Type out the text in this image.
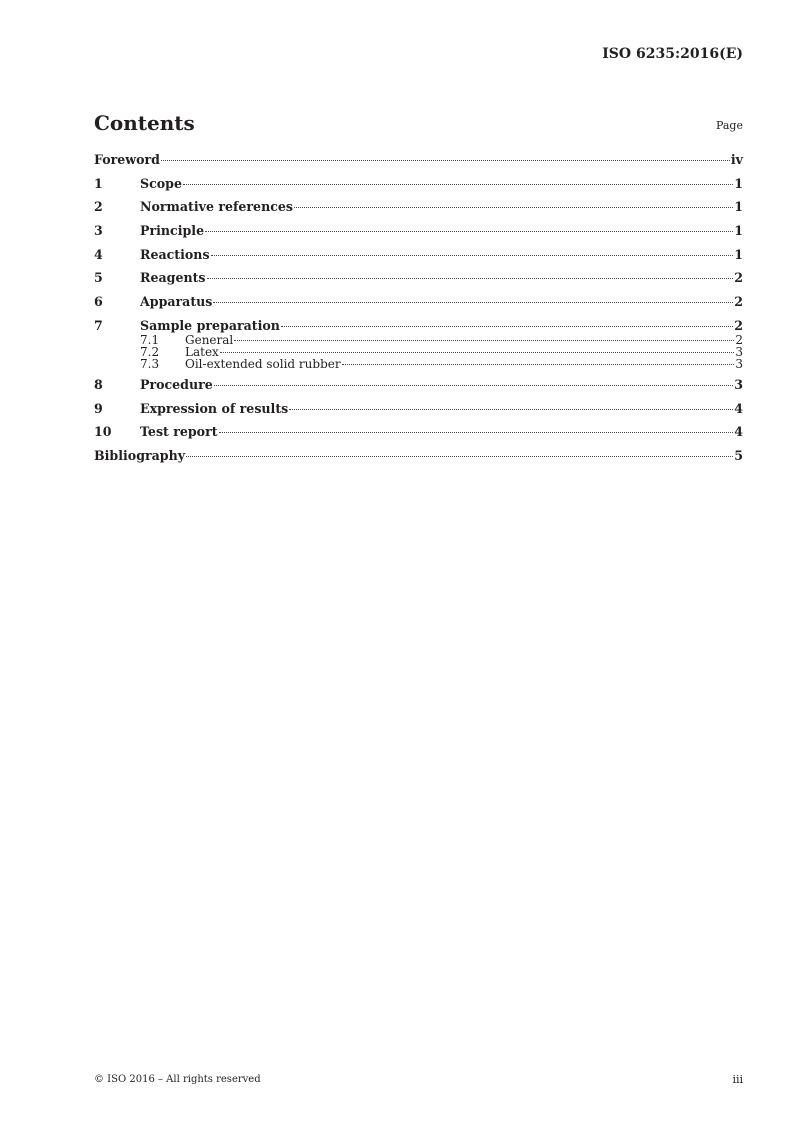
ISO 6235:2016(E)
Contents	Page
Foreword	iv
1	Scope	1
2	Normative references	1
3	Principle	1
4	Reactions	1
5	Reagents	2
6	Apparatus	2
7	Sample preparation	2
7.1	General	2
7.2	Latex	3
7.3	Oil-extended solid rubber	3
8	Procedure	3
9	Expression of results	4
10	Test report	4
Bibliography	5
© ISO 2016 – All rights reserved	iii
